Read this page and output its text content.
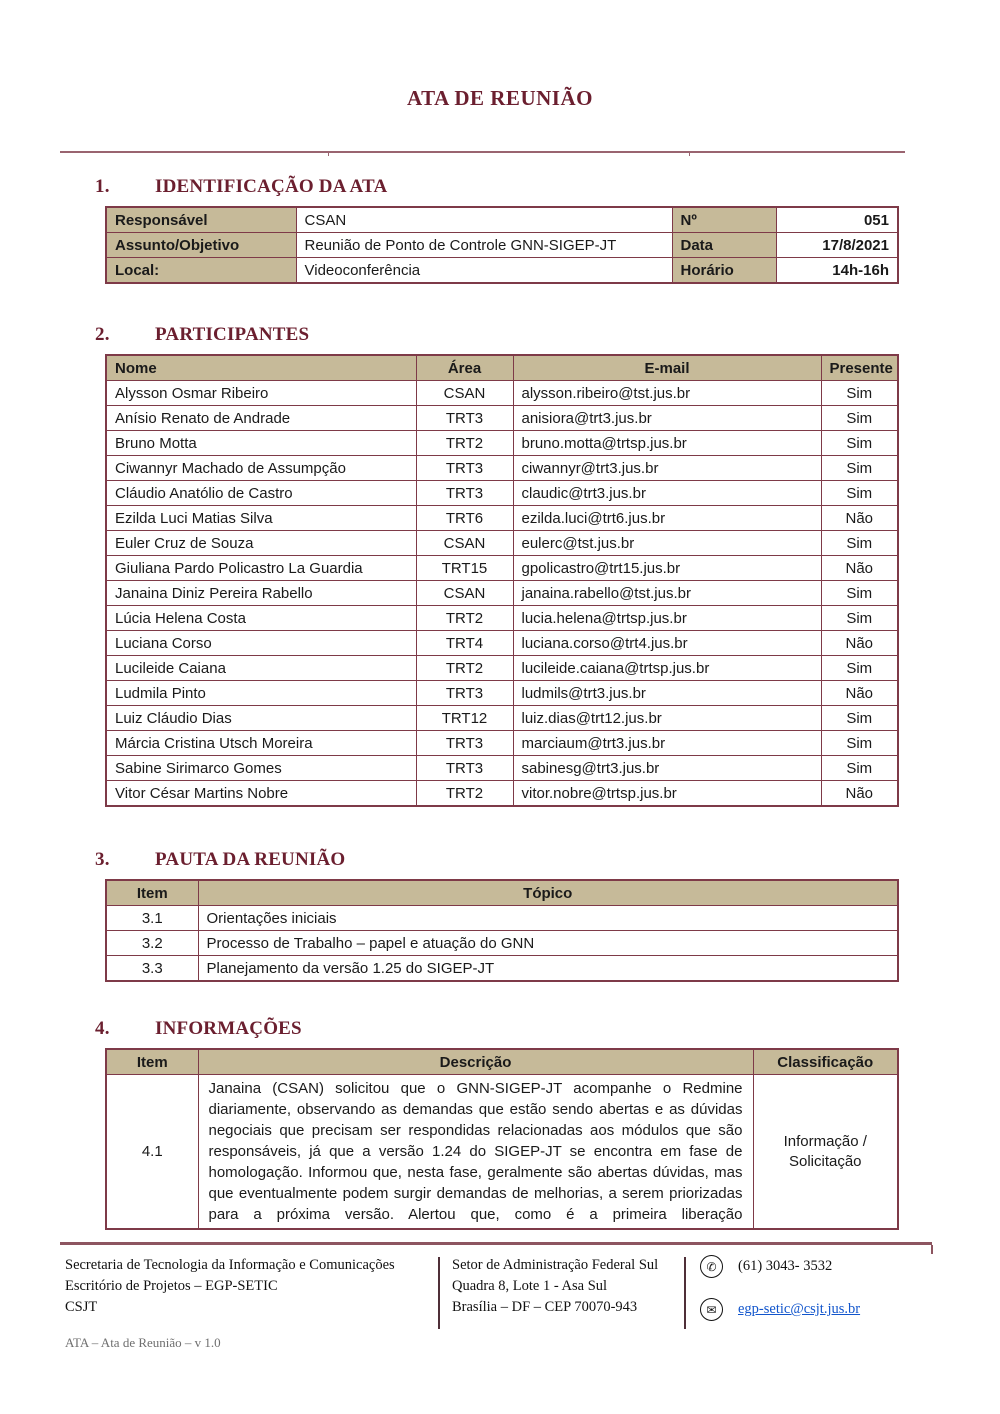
ATA DE REUNIÃO
1. IDENTIFICAÇÃO DA ATA
Responsável	CSAN	Nº	051
Assunto/Objetivo	Reunião de Ponto de Controle GNN-SIGEP-JT	Data	17/8/2021
Local:	Videoconferência	Horário	14h-16h
2. PARTICIPANTES
Nome	Área	E-mail	Presente
Alysson Osmar Ribeiro	CSAN	alysson.ribeiro@tst.jus.br	Sim
Anísio Renato de Andrade	TRT3	anisiora@trt3.jus.br	Sim
Bruno Motta	TRT2	bruno.motta@trtsp.jus.br	Sim
Ciwannyr Machado de Assumpção	TRT3	ciwannyr@trt3.jus.br	Sim
Cláudio Anatólio de Castro	TRT3	claudic@trt3.jus.br	Sim
Ezilda Luci Matias Silva	TRT6	ezilda.luci@trt6.jus.br	Não
Euler Cruz de Souza	CSAN	eulerc@tst.jus.br	Sim
Giuliana Pardo Policastro La Guardia	TRT15	gpolicastro@trt15.jus.br	Não
Janaina Diniz Pereira Rabello	CSAN	janaina.rabello@tst.jus.br	Sim
Lúcia Helena Costa	TRT2	lucia.helena@trtsp.jus.br	Sim
Luciana Corso	TRT4	luciana.corso@trt4.jus.br	Não
Lucileide Caiana	TRT2	lucileide.caiana@trtsp.jus.br	Sim
Ludmila Pinto	TRT3	ludmils@trt3.jus.br	Não
Luiz Cláudio Dias	TRT12	luiz.dias@trt12.jus.br	Sim
Márcia Cristina Utsch Moreira	TRT3	marciaum@trt3.jus.br	Sim
Sabine Sirimarco Gomes	TRT3	sabinesg@trt3.jus.br	Sim
Vitor César Martins Nobre	TRT2	vitor.nobre@trtsp.jus.br	Não
3. PAUTA DA REUNIÃO
Item	Tópico
3.1	Orientações iniciais
3.2	Processo de Trabalho – papel e atuação do GNN
3.3	Planejamento da versão 1.25 do SIGEP-JT
4. INFORMAÇÕES
Item	Descrição	Classificação
4.1	Janaina (CSAN) solicitou que o GNN-SIGEP-JT acompanhe o Redmine diariamente, observando as demandas que estão sendo abertas e as dúvidas negociais que precisam ser respondidas relacionadas aos módulos que são responsáveis, já que a versão 1.24 do SIGEP-JT se encontra em fase de homologação. Informou que, nesta fase, geralmente são abertas dúvidas, mas que eventualmente podem surgir demandas de melhorias, a serem priorizadas para a próxima versão. Alertou que, como é a primeira liberação	Informação / Solicitação
Secretaria de Tecnologia da Informação e Comunicações
Escritório de Projetos – EGP-SETIC
CSJT
Setor de Administração Federal Sul
Quadra 8, Lote 1 - Asa Sul
Brasília – DF – CEP 70070-943
✆	(61) 3043- 3532
✉	egp-setic@csjt.jus.br
ATA – Ata de Reunião – v 1.0
